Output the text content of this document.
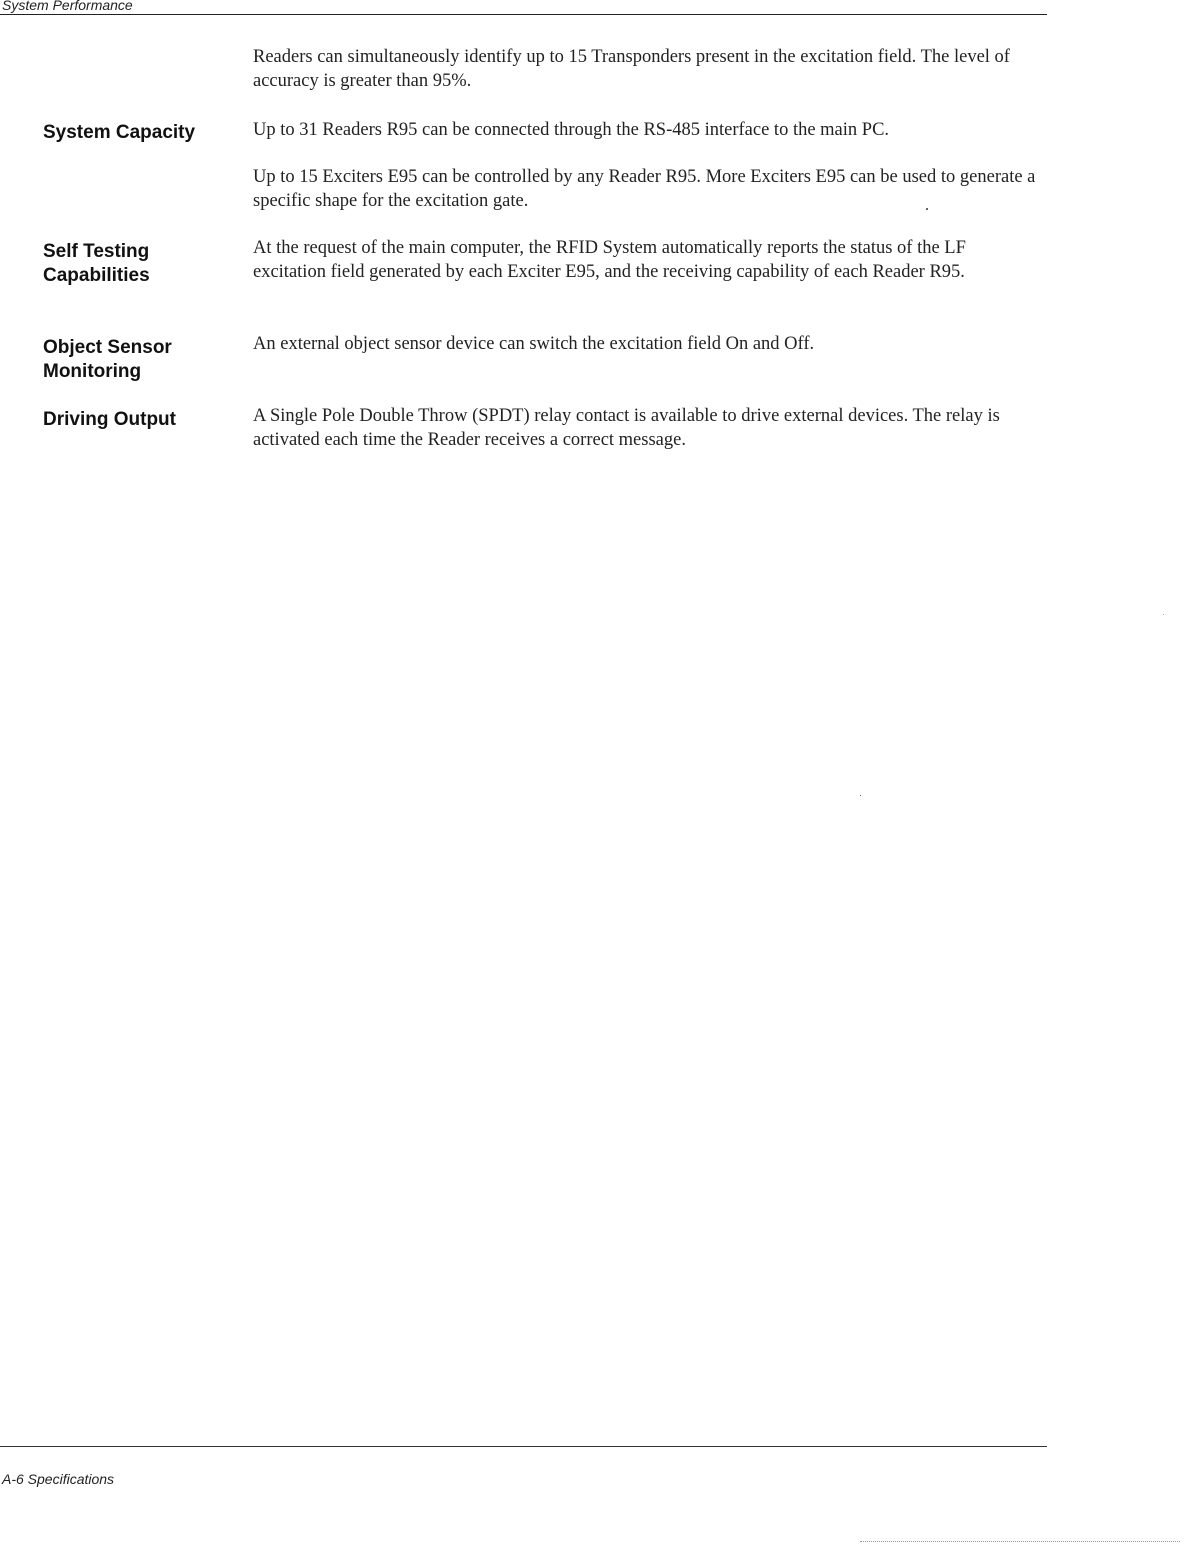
System Performance

Readers can simultaneously identify up to 15 Transponders present in the excitation field. The level of accuracy is greater than 95%.

System Capacity	Up to 31 Readers R95 can be connected through the RS-485 interface to the main PC.

Up to 15 Exciters E95 can be controlled by any Reader R95. More Exciters E95 can be used to generate a specific shape for the excitation gate.

Self Testing Capabilities

At the request of the main computer, the RFID System automatically reports the status of the LF excitation field generated by each Exciter E95, and the receiving capability of each Reader R95.

Object Sensor Monitoring

An external object sensor device can switch the excitation field On and Off.

Driving Output	A Single Pole Double Throw (SPDT) relay contact is available to drive external devices. The relay is activated each time the Reader receives a correct message.

A-6 Specifications
